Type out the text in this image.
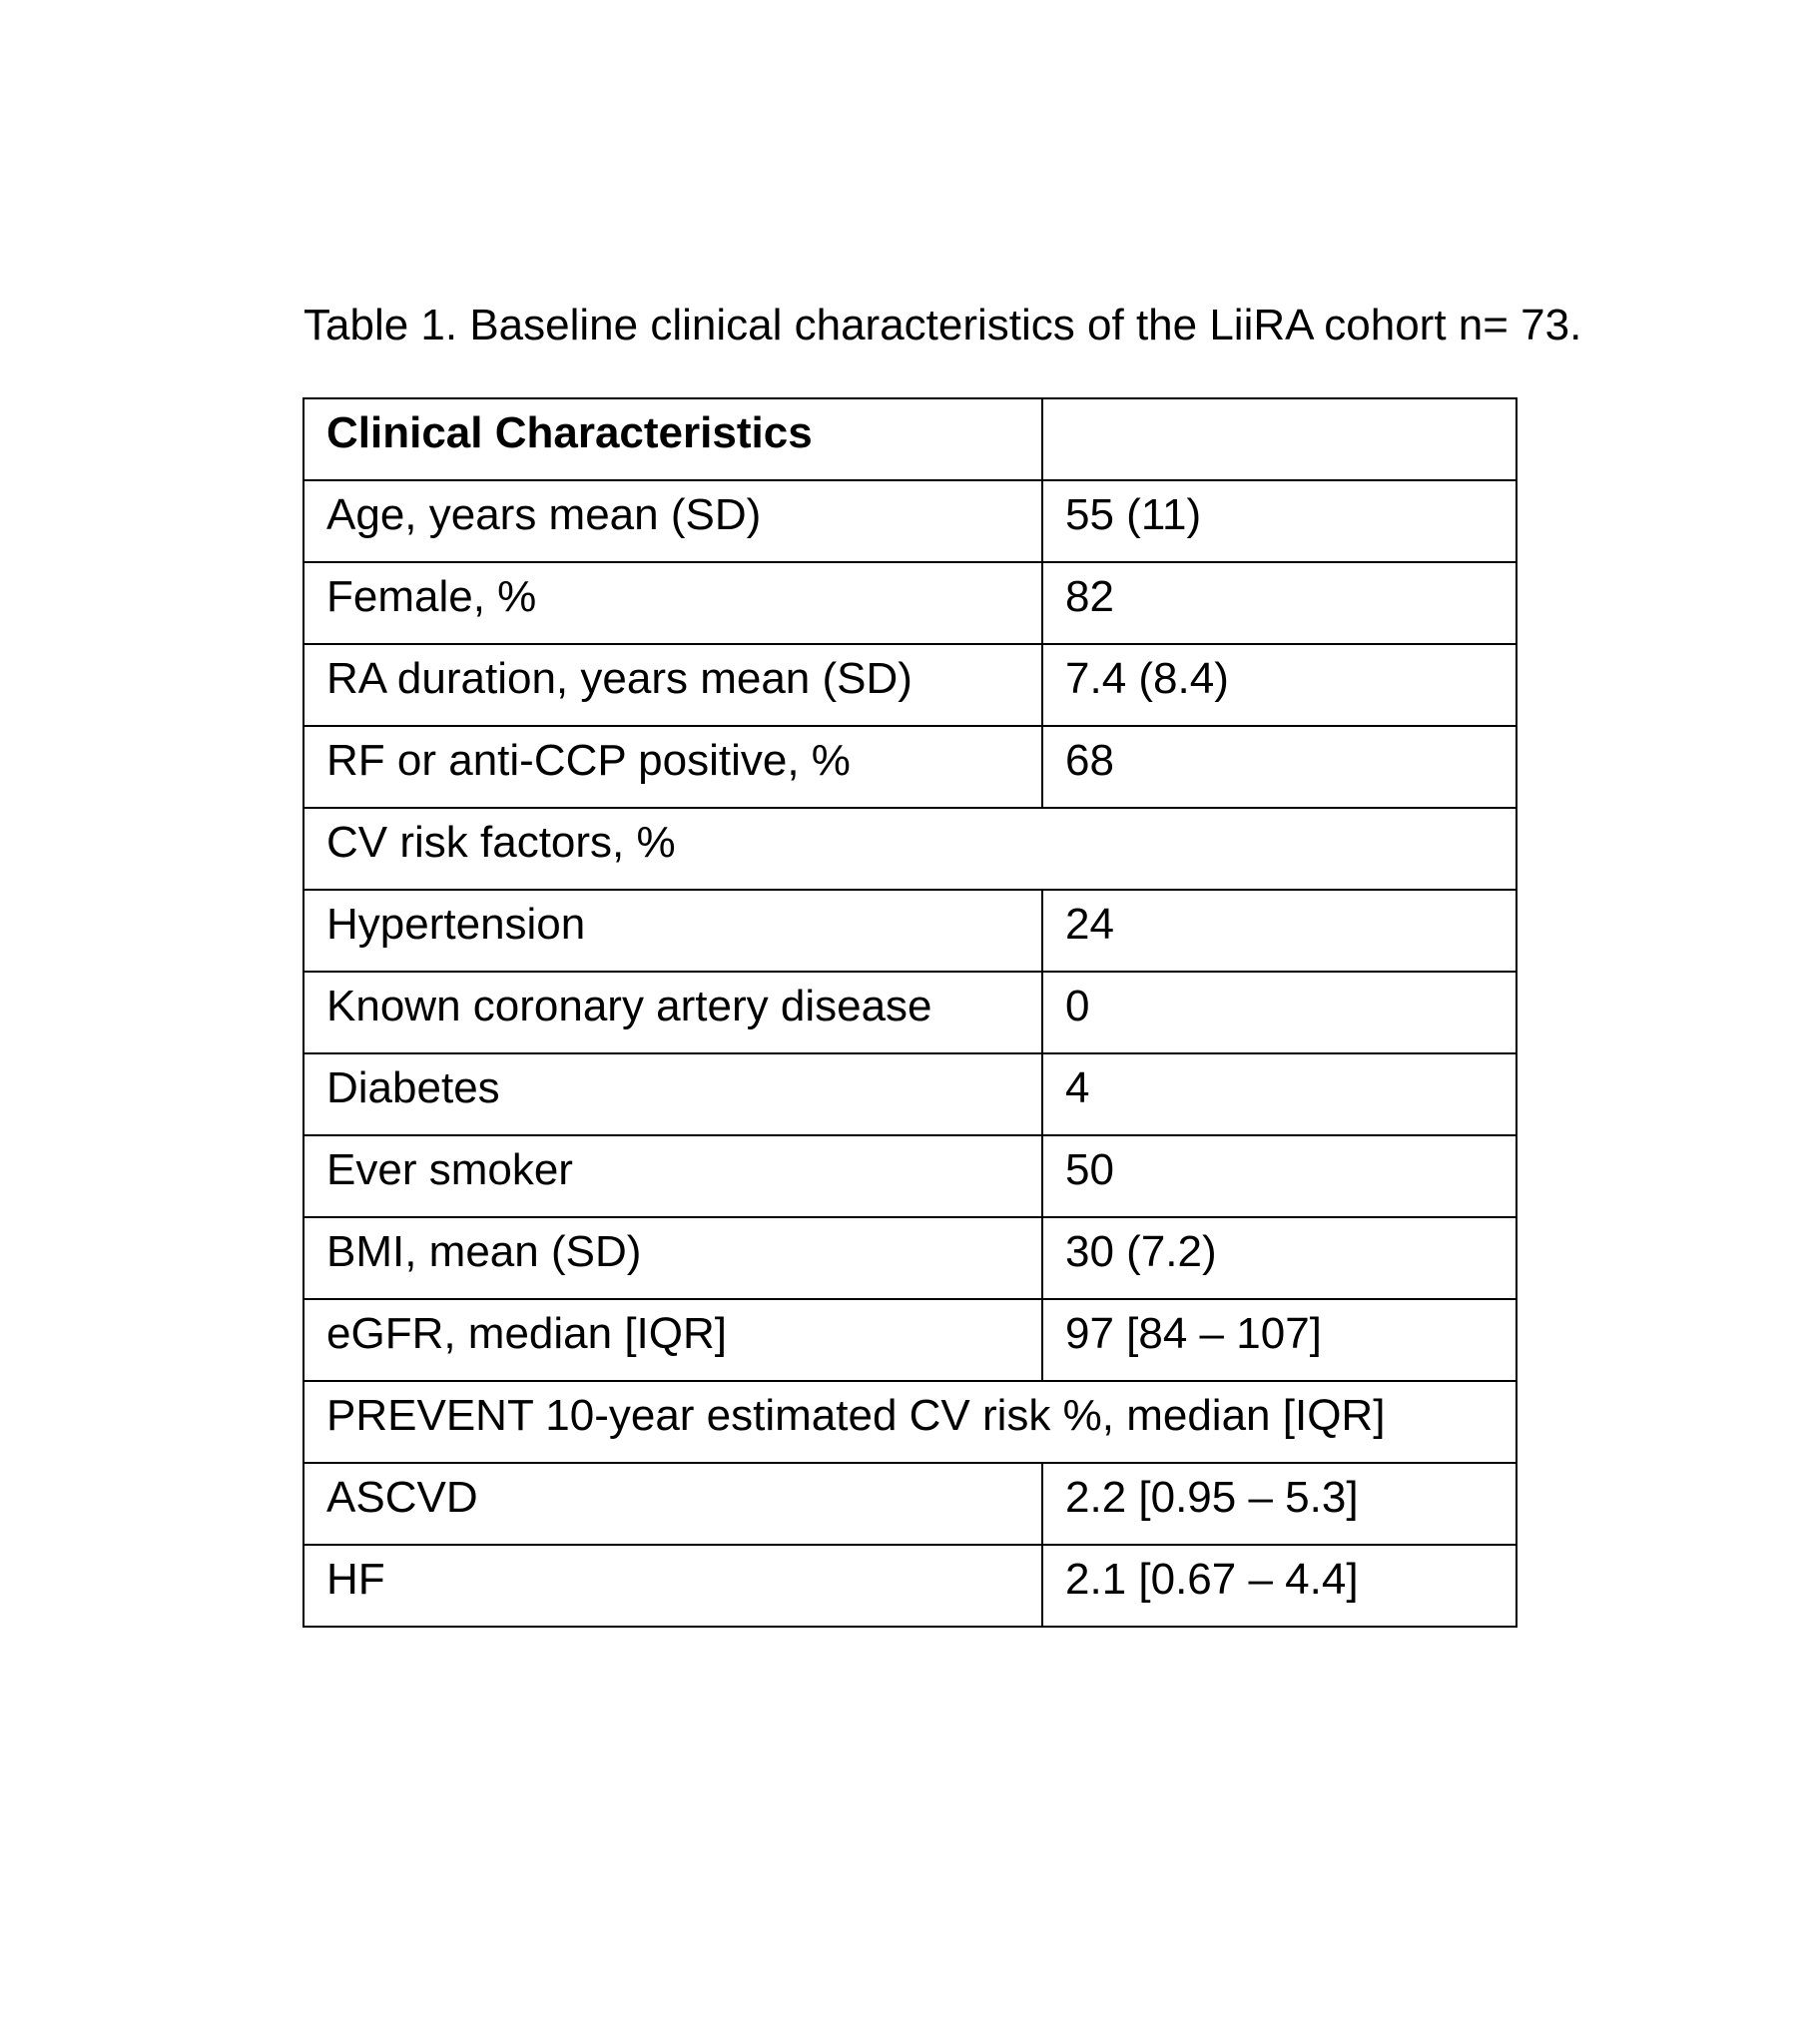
Table 1. Baseline clinical characteristics of the LiiRA cohort n= 73.
Clinical Characteristics	
Age, years mean (SD)	55 (11)
Female, %	82
RA duration, years mean (SD)	7.4 (8.4)
RF or anti-CCP positive, %	68
CV risk factors, %	
Hypertension	24
Known coronary artery disease	0
Diabetes	4
Ever smoker	50
BMI, mean (SD)	30 (7.2)
eGFR, median [IQR]	97 [84 – 107]
PREVENT 10-year estimated CV risk %, median [IQR]	
ASCVD	2.2 [0.95 – 5.3]
HF	2.1 [0.67 – 4.4]
